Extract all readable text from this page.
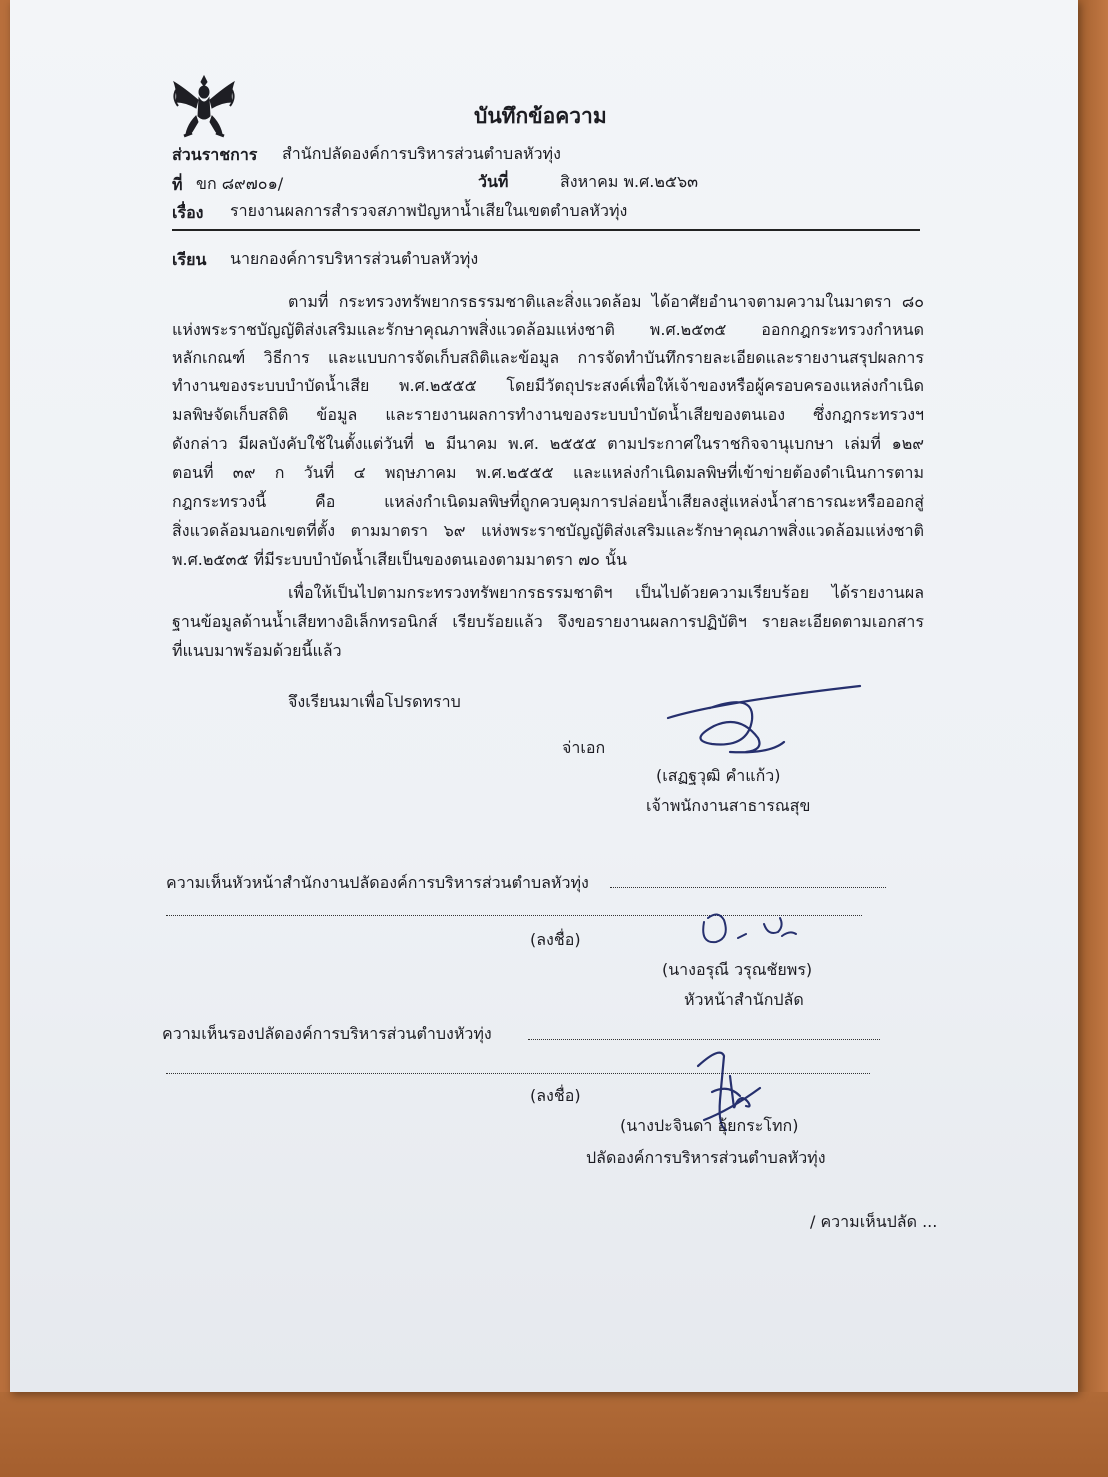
บันทึกข้อความ
ส่วนราชการ สำนักปลัดองค์การบริหารส่วนตำบลหัวทุ่ง
ที่ ขก ๘๙๗๐๑/	วันที่	สิงหาคม พ.ศ.๒๕๖๓
เรื่อง รายงานผลการสำรวจสภาพปัญหาน้ำเสียในเขตตำบลหัวทุ่ง
เรียน นายกองค์การบริหารส่วนตำบลหัวทุ่ง
ตามที่ กระทรวงทรัพยากรธรรมชาติและสิ่งแวดล้อม ได้อาศัยอำนาจตามความในมาตรา ๘๐
แห่งพระราชบัญญัติส่งเสริมและรักษาคุณภาพสิ่งแวดล้อมแห่งชาติ พ.ศ.๒๕๓๕ ออกกฎกระทรวงกำหนด
หลักเกณฑ์ วิธีการ และแบบการจัดเก็บสถิติและข้อมูล การจัดทำบันทึกรายละเอียดและรายงานสรุปผลการ
ทำงานของระบบบำบัดน้ำเสีย พ.ศ.๒๕๕๕ โดยมีวัตถุประสงค์เพื่อให้เจ้าของหรือผู้ครอบครองแหล่งกำเนิด
มลพิษจัดเก็บสถิติ ข้อมูล และรายงานผลการทำงานของระบบบำบัดน้ำเสียของตนเอง ซึ่งกฎกระทรวงฯ
ดังกล่าว มีผลบังคับใช้ในตั้งแต่วันที่ ๒ มีนาคม พ.ศ. ๒๕๕๕ ตามประกาศในราชกิจจานุเบกษา เล่มที่ ๑๒๙
ตอนที่ ๓๙ ก วันที่ ๔ พฤษภาคม พ.ศ.๒๕๕๕ และแหล่งกำเนิดมลพิษที่เข้าข่ายต้องดำเนินการตาม
กฎกระทรวงนี้ คือ แหล่งกำเนิดมลพิษที่ถูกควบคุมการปล่อยน้ำเสียลงสู่แหล่งน้ำสาธารณะหรือออกสู่
สิ่งแวดล้อมนอกเขตที่ตั้ง ตามมาตรา ๖๙ แห่งพระราชบัญญัติส่งเสริมและรักษาคุณภาพสิ่งแวดล้อมแห่งชาติ
พ.ศ.๒๕๓๕ ที่มีระบบบำบัดน้ำเสียเป็นของตนเองตามมาตรา ๗๐ นั้น
เพื่อให้เป็นไปตามกระทรวงทรัพยากรธรรมชาติฯ เป็นไปด้วยความเรียบร้อย ได้รายงานผล
ฐานข้อมูลด้านน้ำเสียทางอิเล็กทรอนิกส์ เรียบร้อยแล้ว จึงขอรายงานผลการปฏิบัติฯ รายละเอียดตามเอกสาร
ที่แนบมาพร้อมด้วยนี้แล้ว
จึงเรียนมาเพื่อโปรดทราบ
จ่าเอก
(เสฏฐวุฒิ คำแก้ว)
เจ้าพนักงานสาธารณสุข
ความเห็นหัวหน้าสำนักงานปลัดองค์การบริหารส่วนตำบลหัวทุ่ง
(ลงชื่อ)
(นางอรุณี วรุณชัยพร)
หัวหน้าสำนักปลัด
ความเห็นรองปลัดองค์การบริหารส่วนตำบงหัวทุ่ง
(ลงชื่อ)
(นางปะจินดา อุ้ยกระโทก)
ปลัดองค์การบริหารส่วนตำบลหัวทุ่ง
/ ความเห็นปลัด ...
